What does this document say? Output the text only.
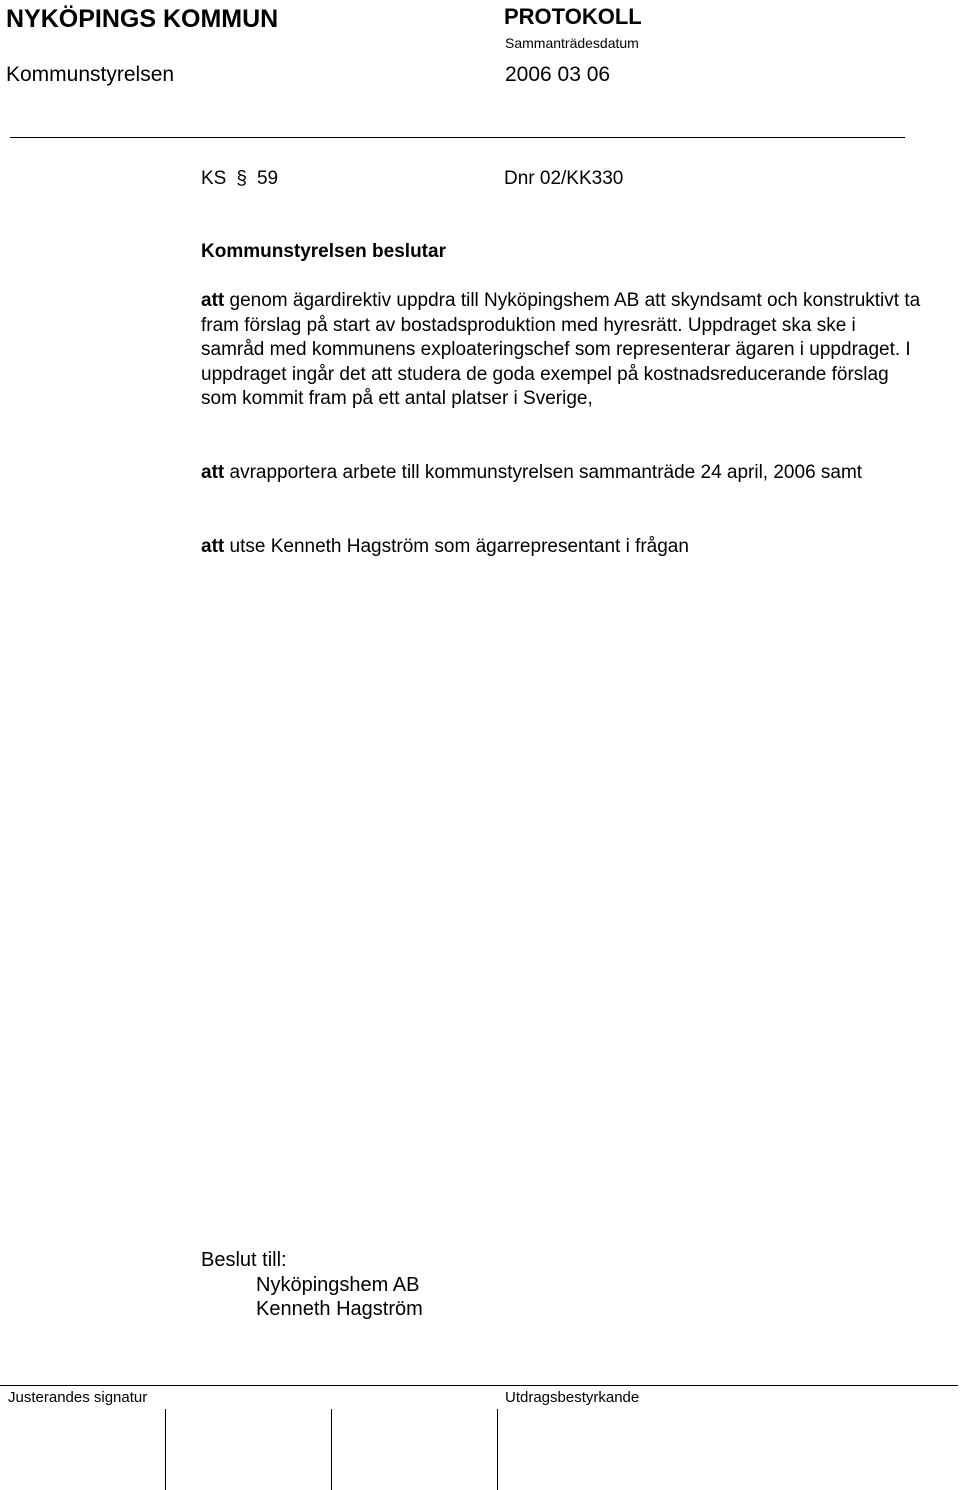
NYKÖPINGS KOMMUN	PROTOKOLL
Sammanträdesdatum
Kommunstyrelsen	2006 03 06
KS § 59	Dnr 02/KK330
Kommunstyrelsen beslutar
att genom ägardirektiv uppdra till Nyköpingshem AB att skyndsamt och konstruktivt ta fram förslag på start av bostadsproduktion med hyresrätt. Uppdraget ska ske i samråd med kommunens exploateringschef som representerar ägaren i uppdraget. I uppdraget ingår det att studera de goda exempel på kostnadsreducerande förslag som kommit fram på ett antal platser i Sverige,
att avrapportera arbete till kommunstyrelsen sammanträde 24 april, 2006 samt
att utse Kenneth Hagström som ägarrepresentant i frågan
Beslut till:
Nyköpingshem AB
Kenneth Hagström
Justerandes signatur	Utdragsbestyrkande
